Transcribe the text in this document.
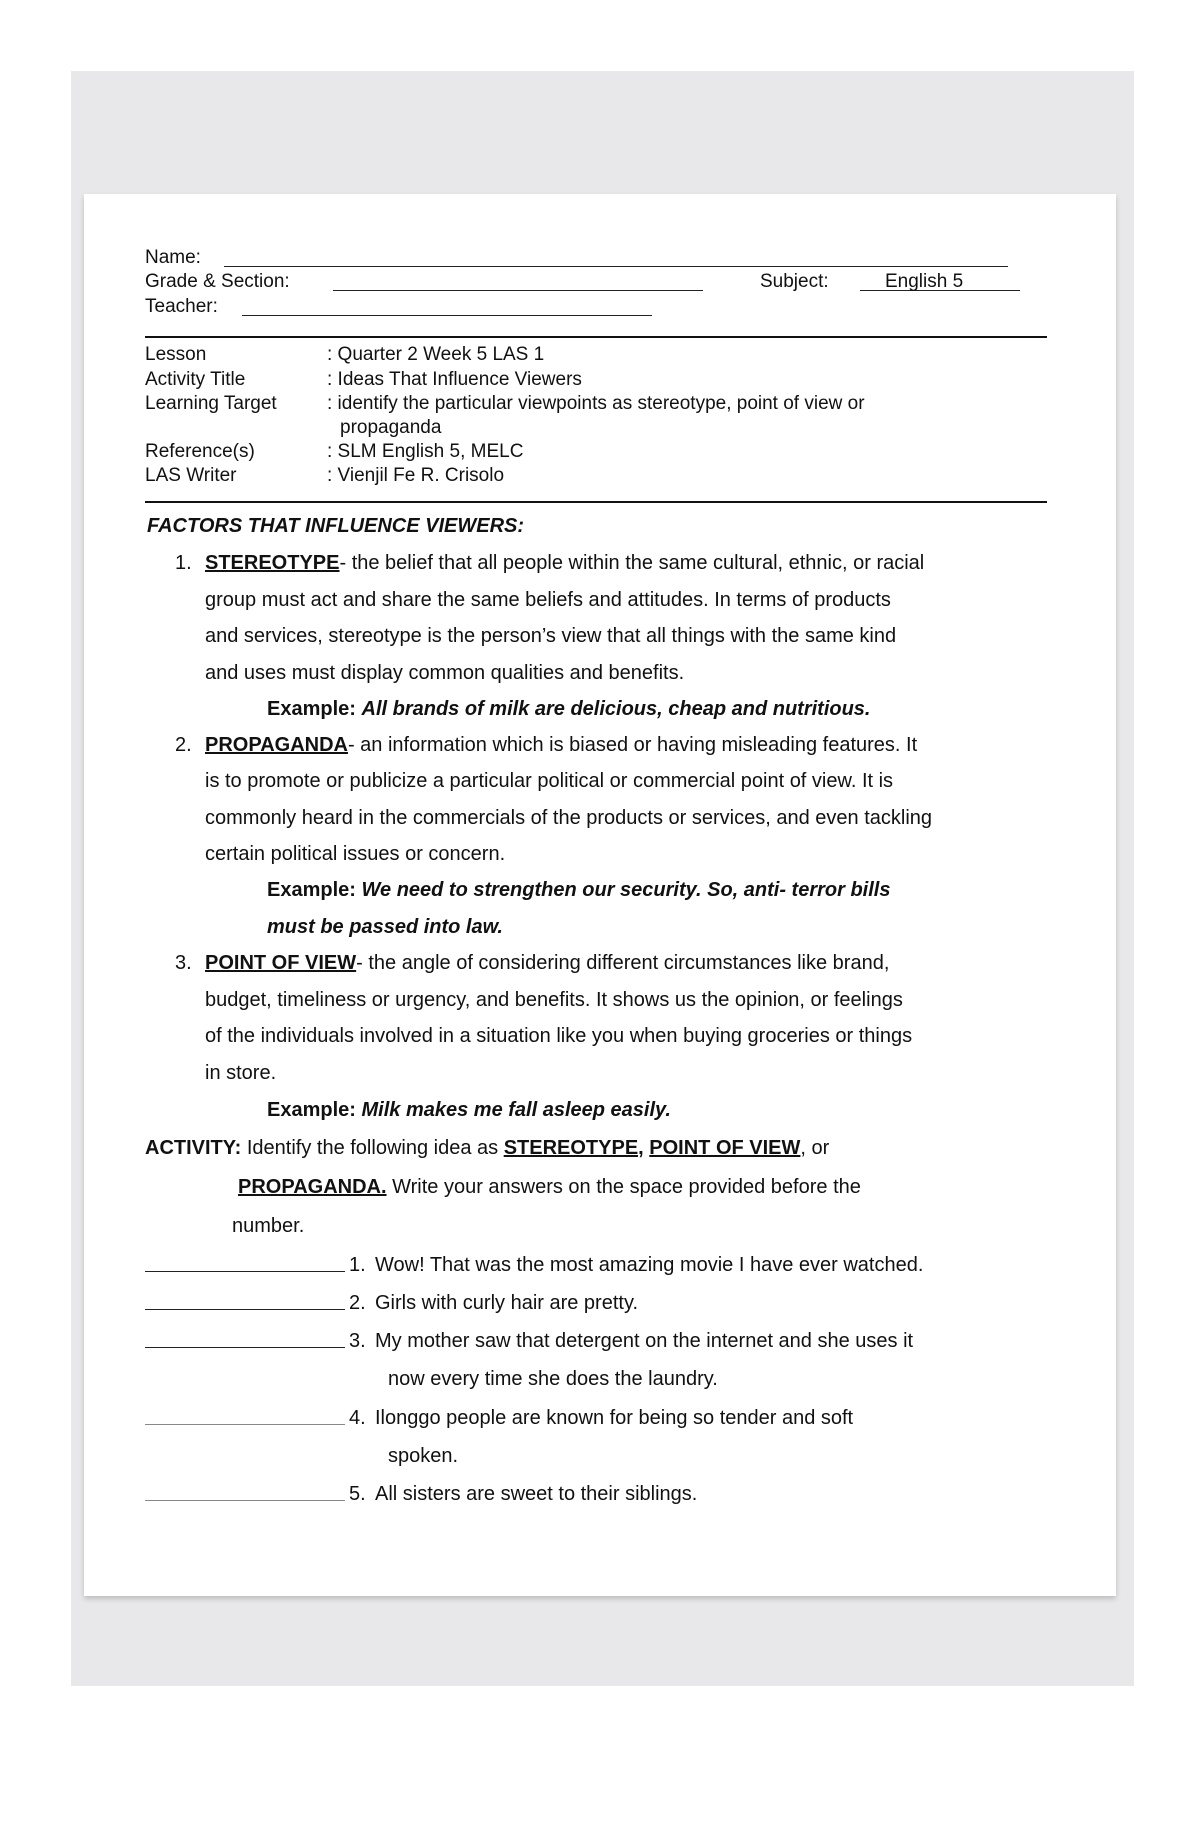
Name:
Grade & Section:	Subject:	English 5
Teacher:
Lesson	: Quarter 2 Week 5 LAS 1
Activity Title	: Ideas That Influence Viewers
Learning Target	: identify the particular viewpoints as stereotype, point of view or
propaganda
Reference(s)	: SLM English 5, MELC
LAS Writer	: Vienjil Fe R. Crisolo
FACTORS THAT INFLUENCE VIEWERS:
1. STEREOTYPE- the belief that all people within the same cultural, ethnic, or racial
group must act and share the same beliefs and attitudes. In terms of products
and services, stereotype is the person’s view that all things with the same kind
and uses must display common qualities and benefits.
Example: All brands of milk are delicious, cheap and nutritious.
2. PROPAGANDA- an information which is biased or having misleading features. It
is to promote or publicize a particular political or commercial point of view. It is
commonly heard in the commercials of the products or services, and even tackling
certain political issues or concern.
Example: We need to strengthen our security. So, anti- terror bills
must be passed into law.
3. POINT OF VIEW- the angle of considering different circumstances like brand,
budget, timeliness or urgency, and benefits. It shows us the opinion, or feelings
of the individuals involved in a situation like you when buying groceries or things
in store.
Example: Milk makes me fall asleep easily.
ACTIVITY: Identify the following idea as STEREOTYPE, POINT OF VIEW, or
PROPAGANDA. Write your answers on the space provided before the
number.
1. Wow! That was the most amazing movie I have ever watched.
2. Girls with curly hair are pretty.
3. My mother saw that detergent on the internet and she uses it
now every time she does the laundry.
4. Ilonggo people are known for being so tender and soft
spoken.
5. All sisters are sweet to their siblings.
